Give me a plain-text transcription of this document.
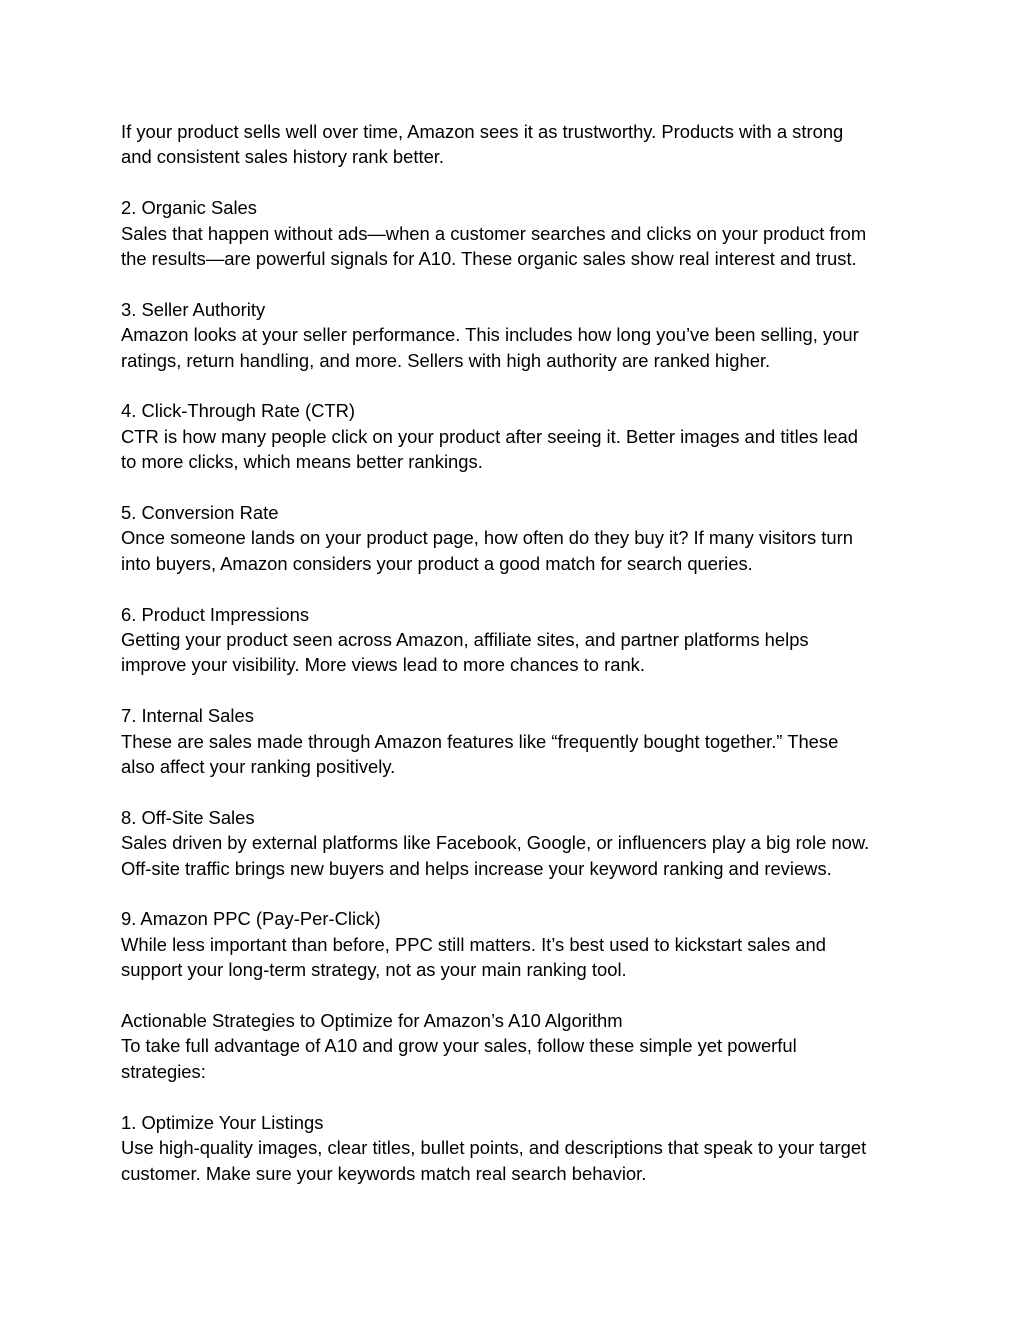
If your product sells well over time, Amazon sees it as trustworthy. Products with a strong
and consistent sales history rank better.
2. Organic Sales
Sales that happen without ads—when a customer searches and clicks on your product from
the results—are powerful signals for A10. These organic sales show real interest and trust.
3. Seller Authority
Amazon looks at your seller performance. This includes how long you’ve been selling, your
ratings, return handling, and more. Sellers with high authority are ranked higher.
4. Click-Through Rate (CTR)
CTR is how many people click on your product after seeing it. Better images and titles lead
to more clicks, which means better rankings.
5. Conversion Rate
Once someone lands on your product page, how often do they buy it? If many visitors turn
into buyers, Amazon considers your product a good match for search queries.
6. Product Impressions
Getting your product seen across Amazon, affiliate sites, and partner platforms helps
improve your visibility. More views lead to more chances to rank.
7. Internal Sales
These are sales made through Amazon features like “frequently bought together.” These
also affect your ranking positively.
8. Off-Site Sales
Sales driven by external platforms like Facebook, Google, or influencers play a big role now.
Off-site traffic brings new buyers and helps increase your keyword ranking and reviews.
9. Amazon PPC (Pay-Per-Click)
While less important than before, PPC still matters. It’s best used to kickstart sales and
support your long-term strategy, not as your main ranking tool.
Actionable Strategies to Optimize for Amazon’s A10 Algorithm
To take full advantage of A10 and grow your sales, follow these simple yet powerful
strategies:
1. Optimize Your Listings
Use high-quality images, clear titles, bullet points, and descriptions that speak to your target
customer. Make sure your keywords match real search behavior.
